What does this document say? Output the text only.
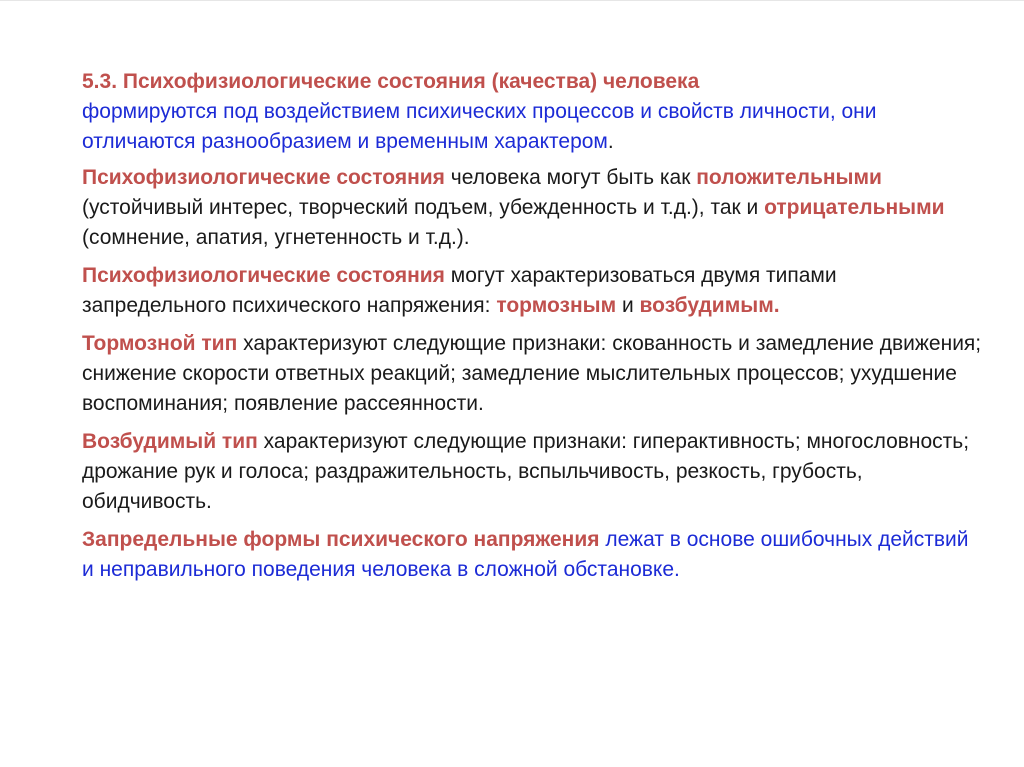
5.3. Психофизиологические состояния (качества) человека
формируются под воздействием психических процессов и свойств личности, они отличаются разнообразием и временным характером.

Психофизиологические состояния человека могут быть как положительными (устойчивый интерес, творческий подъем, убежденность и т.д.), так и отрицательными (сомнение, апатия, угнетенность и т.д.).

Психофизиологические состояния могут характеризоваться двумя типами запредельного психического напряжения: тормозным и возбудимым.

Тормозной тип характеризуют следующие признаки: скованность и замедление движения; снижение скорости ответных реакций; замедление мыслительных процессов; ухудшение воспоминания; появление рассеянности.

Возбудимый тип характеризуют следующие признаки: гиперактивность; многословность; дрожание рук и голоса; раздражительность, вспыльчивость, резкость, грубость, обидчивость.

Запредельные формы психического напряжения лежат в основе ошибочных действий и неправильного поведения человека в сложной обстановке.
